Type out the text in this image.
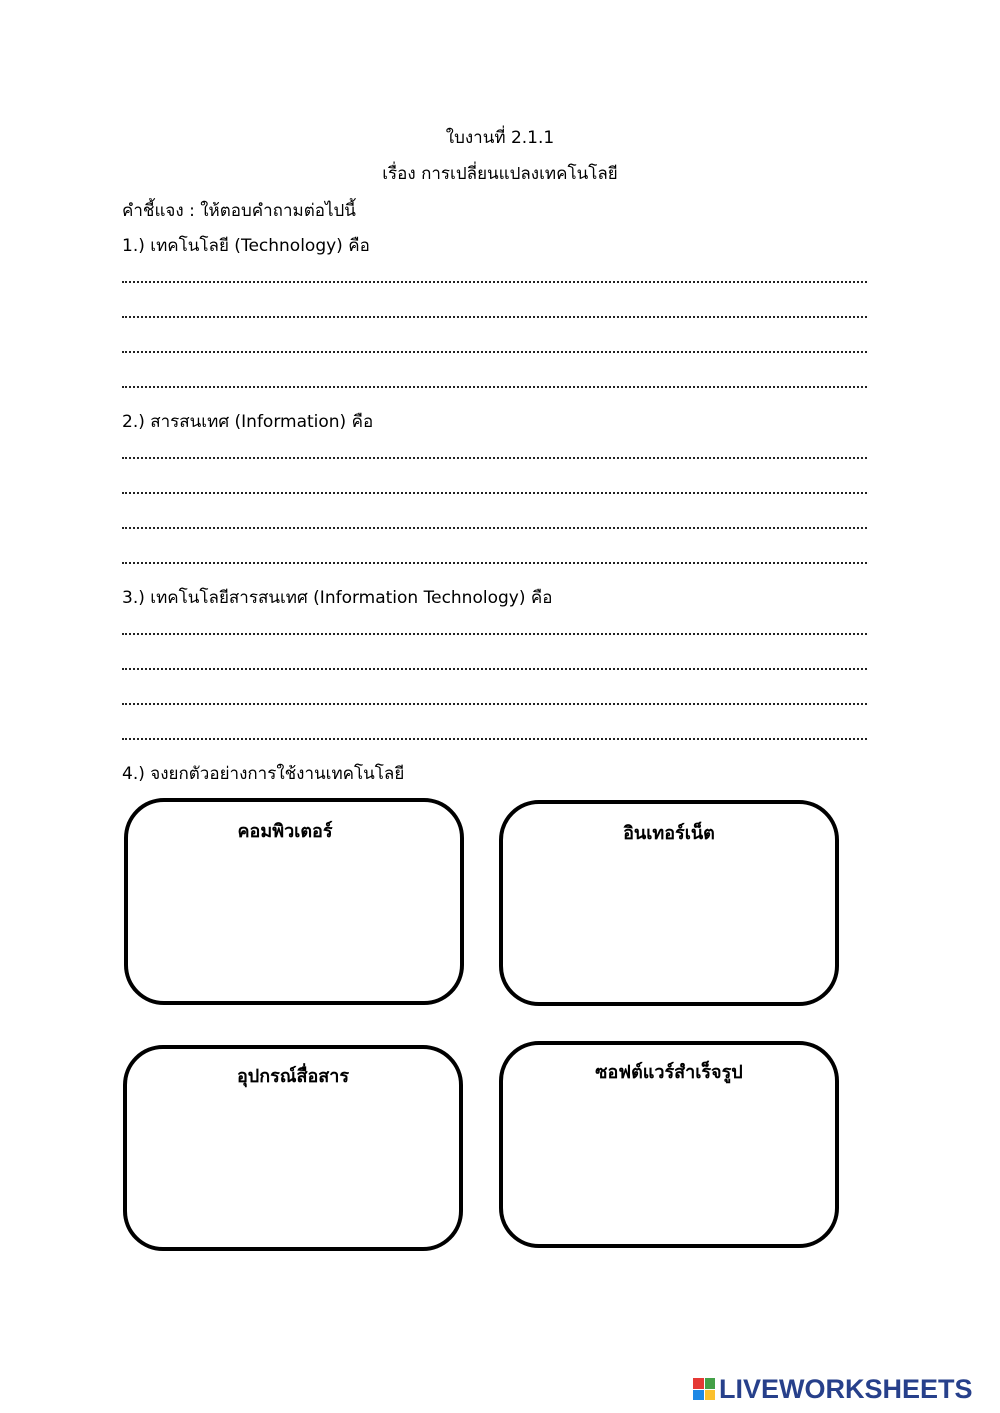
ใบงานที่ 2.1.1
เรื่อง การเปลี่ยนแปลงเทคโนโลยี
คำชี้แจง : ให้ตอบคำถามต่อไปนี้
1.) เทคโนโลยี (Technology) คือ
2.) สารสนเทศ (Information) คือ
3.) เทคโนโลยีสารสนเทศ (Information Technology) คือ
4.) จงยกตัวอย่างการใช้งานเทคโนโลยี
คอมพิวเตอร์	อินเทอร์เน็ต
อุปกรณ์สื่อสาร	ซอฟต์แวร์สำเร็จรูป
LIVEWORKSHEETS
